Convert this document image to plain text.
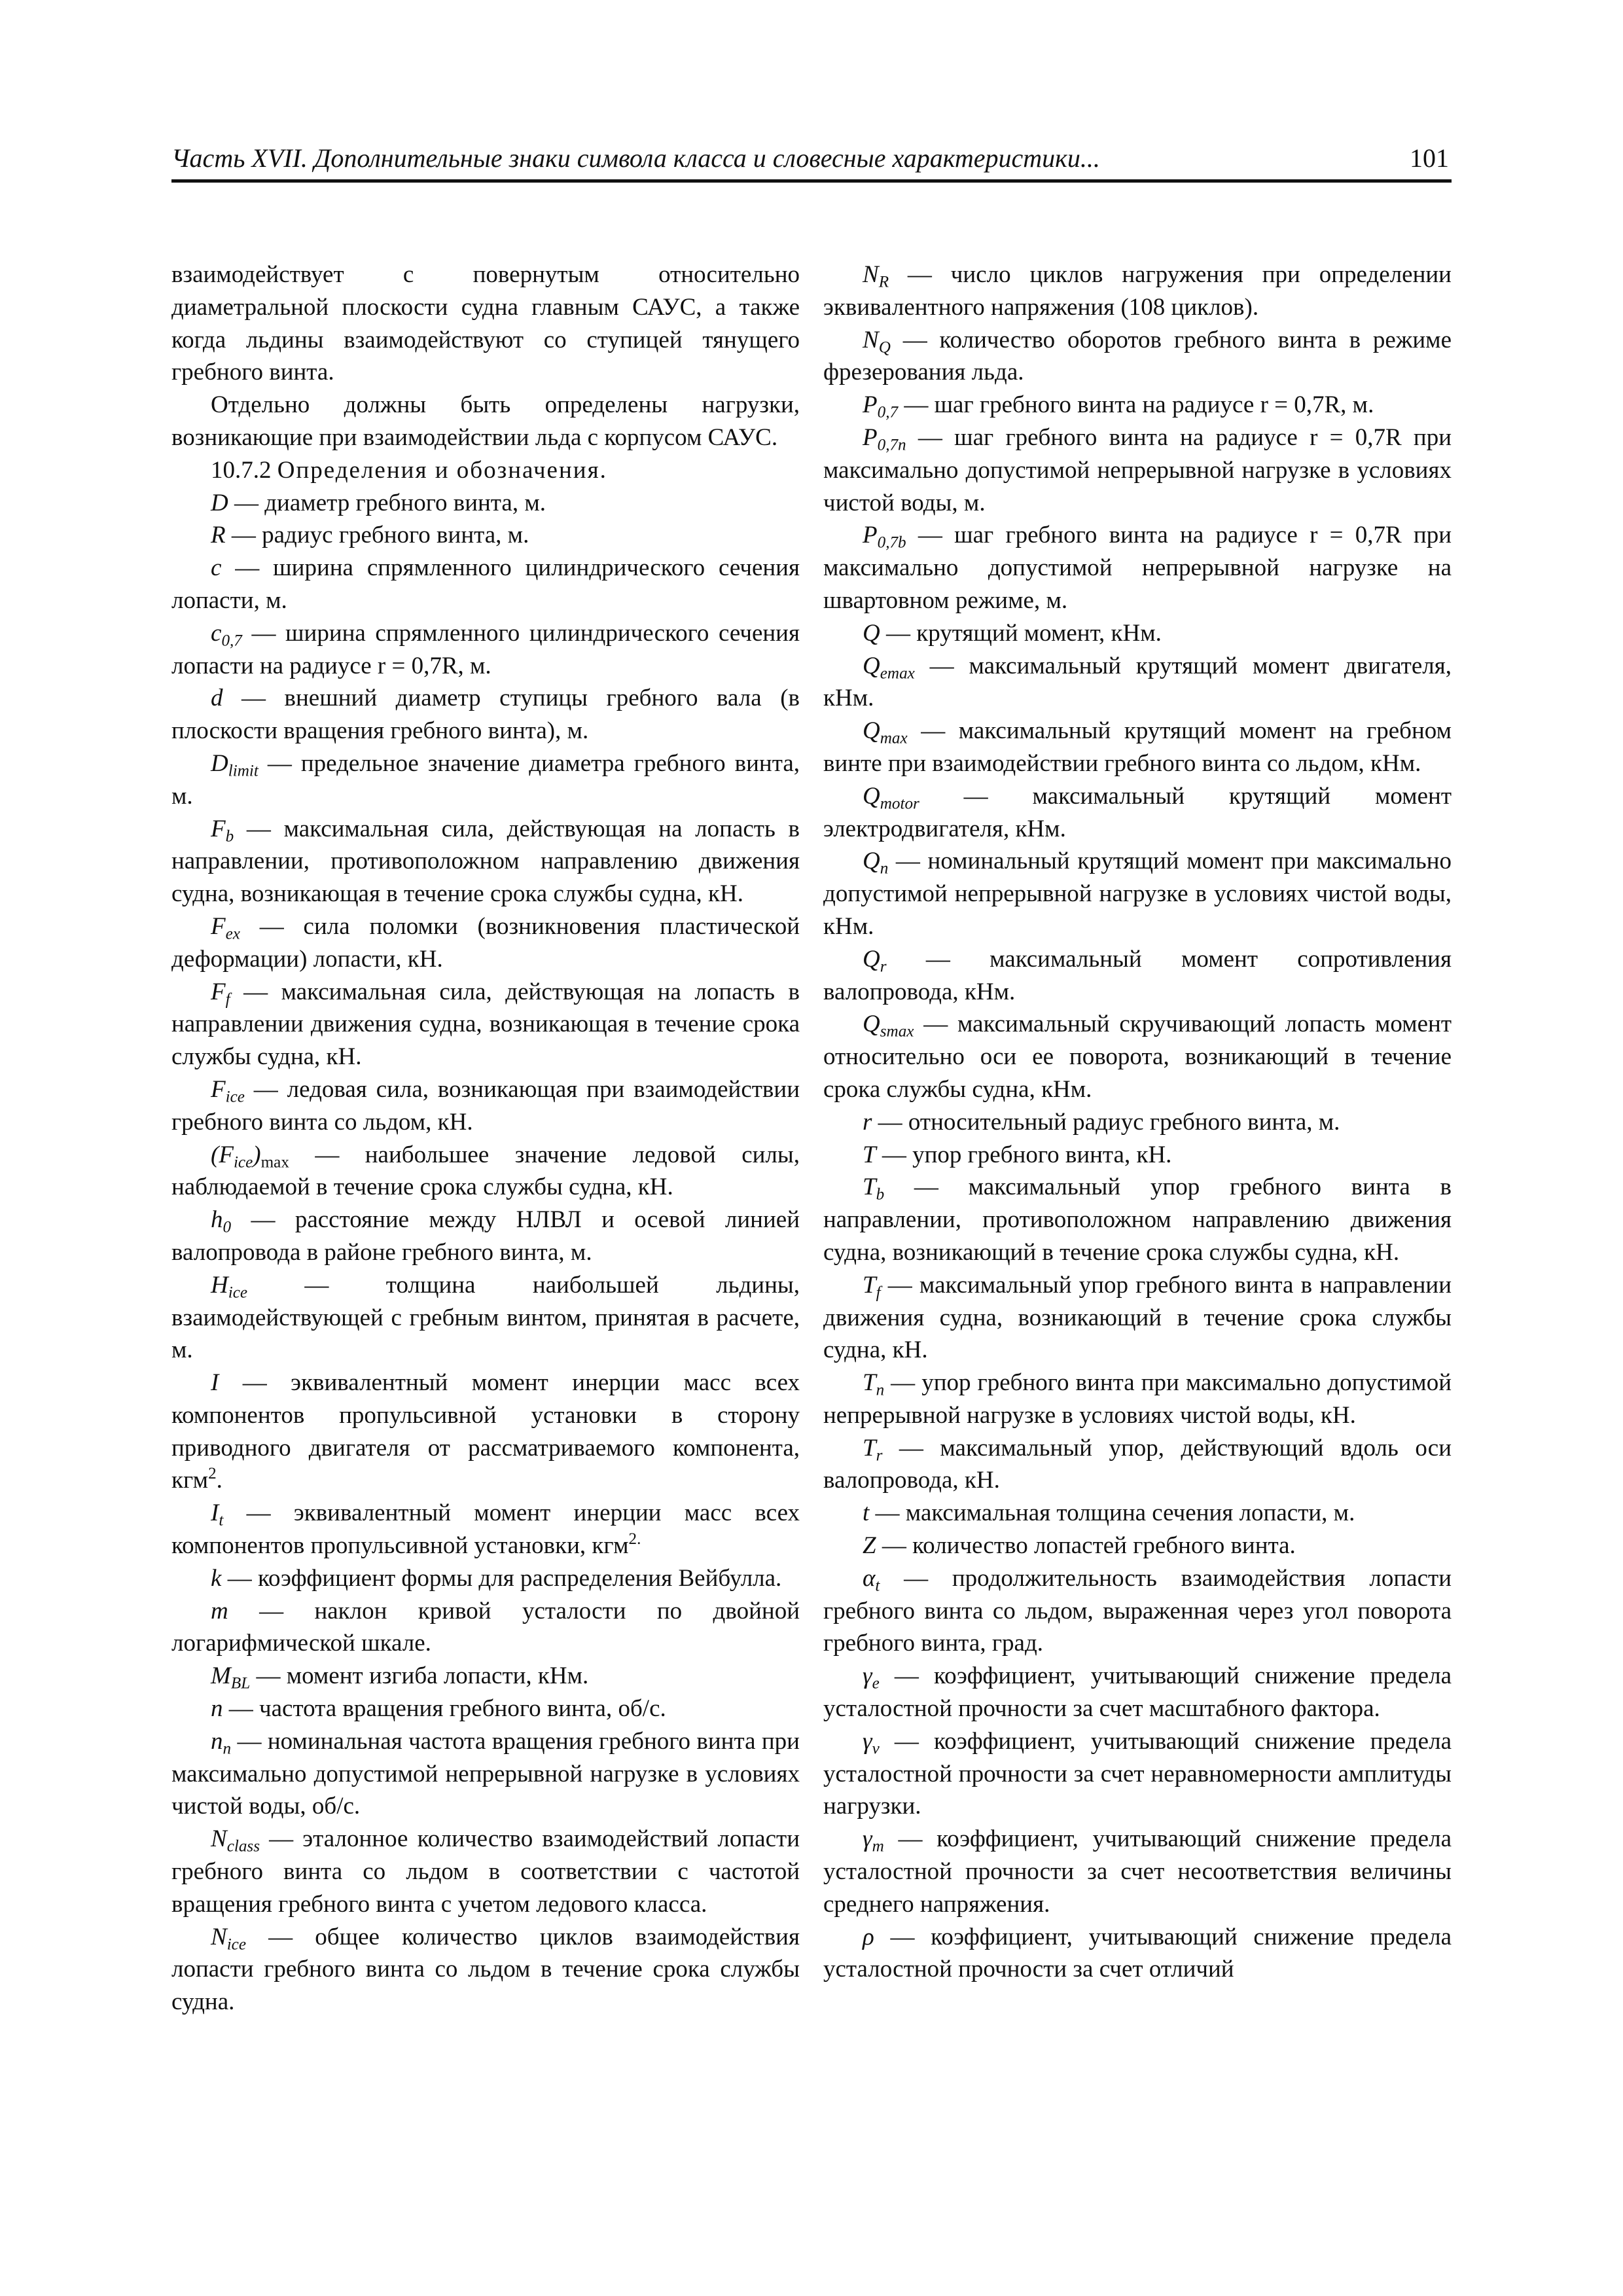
Часть XVII. Дополнительные знаки символа класса и словесные характеристики...	101

взаимодействует с повернутым относительно диаметральной плоскости судна главным САУС, а также когда льдины взаимодействуют со ступицей тянущего гребного винта.

Отдельно должны быть определены нагрузки, возникающие при взаимодействии льда с корпусом САУС.

10.7.2 Определения и обозначения.

D — диаметр гребного винта, м.

R — радиус гребного винта, м.

c — ширина спрямленного цилиндрического сечения лопасти, м.

$c_{0,7}$ — ширина спрямленного цилиндрического сечения лопасти на радиусе r = 0,7R, м.

d — внешний диаметр ступицы гребного вала (в плоскости вращения гребного винта), м.

$D_{limit}$ — предельное значение диаметра гребного винта, м.

$F_b$ — максимальная сила, действующая на лопасть в направлении, противоположном направлению движения судна, возникающая в течение срока службы судна, кН.

$F_{ex}$ — сила поломки (возникновения пластической деформации) лопасти, кН.

$F_f$ — максимальная сила, действующая на лопасть в направлении движения судна, возникающая в течение срока службы судна, кН.

$F_{ice}$ — ледовая сила, возникающая при взаимодействии гребного винта со льдом, кН.

$(F_{ice})_{max}$ — наибольшее значение ледовой силы, наблюдаемой в течение срока службы судна, кН.

$h_0$ — расстояние между НЛВЛ и осевой линией валопровода в районе гребного винта, м.

$H_{ice}$ — толщина наибольшей льдины, взаимодействующей с гребным винтом, принятая в расчете, м.

I — эквивалентный момент инерции масс всех компонентов пропульсивной установки в сторону приводного двигателя от рассматриваемого компонента, кгм$^2$.

$I_t$ — эквивалентный момент инерции масс всех компонентов пропульсивной установки, кгм$^{2.}$

k — коэффициент формы для распределения Вейбулла.

m — наклон кривой усталости по двойной логарифмической шкале.

$M_{BL}$ — момент изгиба лопасти, кНм.

n — частота вращения гребного винта, об/с.

$n_n$ — номинальная частота вращения гребного винта при максимально допустимой непрерывной нагрузке в условиях чистой воды, об/с.

$N_{class}$ — эталонное количество взаимодействий лопасти гребного винта со льдом в соответствии с частотой вращения гребного винта с учетом ледового класса.

$N_{ice}$ — общее количество циклов взаимодействия лопасти гребного винта со льдом в течение срока службы судна.

$N_R$ — число циклов нагружения при определении эквивалентного напряжения (108 циклов).

$N_Q$ — количество оборотов гребного винта в режиме фрезерования льда.

$P_{0,7}$ — шаг гребного винта на радиусе r = 0,7R, м.

$P_{0,7n}$ — шаг гребного винта на радиусе r = 0,7R при максимально допустимой непрерывной нагрузке в условиях чистой воды, м.

$P_{0,7b}$ — шаг гребного винта на радиусе r = 0,7R при максимально допустимой непрерывной нагрузке на швартовном режиме, м.

Q — крутящий момент, кНм.

$Q_{emax}$ — максимальный крутящий момент двигателя, кНм.

$Q_{max}$ — максимальный крутящий момент на гребном винте при взаимодействии гребного винта со льдом, кНм.

$Q_{motor}$ — максимальный крутящий момент электродвигателя, кНм.

$Q_n$ — номинальный крутящий момент при максимально допустимой непрерывной нагрузке в условиях чистой воды, кНм.

$Q_r$ — максимальный момент сопротивления валопровода, кНм.

$Q_{smax}$ — максимальный скручивающий лопасть момент относительно оси ее поворота, возникающий в течение срока службы судна, кНм.

r — относительный радиус гребного винта, м.

T — упор гребного винта, кН.

$T_b$ — максимальный упор гребного винта в направлении, противоположном направлению движения судна, возникающий в течение срока службы судна, кН.

$T_f$ — максимальный упор гребного винта в направлении движения судна, возникающий в течение срока службы судна, кН.

$T_n$ — упор гребного винта при максимально допустимой непрерывной нагрузке в условиях чистой воды, кН.

$T_r$ — максимальный упор, действующий вдоль оси валопровода, кН.

t — максимальная толщина сечения лопасти, м.

Z — количество лопастей гребного винта.

$\alpha_t$ — продолжительность взаимодействия лопасти гребного винта со льдом, выраженная через угол поворота гребного винта, град.

$\gamma_e$ — коэффициент, учитывающий снижение предела усталостной прочности за счет масштабного фактора.

$\gamma_\nu$ — коэффициент, учитывающий снижение предела усталостной прочности за счет неравномерности амплитуды нагрузки.

$\gamma_m$ — коэффициент, учитывающий снижение предела усталостной прочности за счет несоответствия величины среднего напряжения.

ρ — коэффициент, учитывающий снижение предела усталостной прочности за счет отличий
